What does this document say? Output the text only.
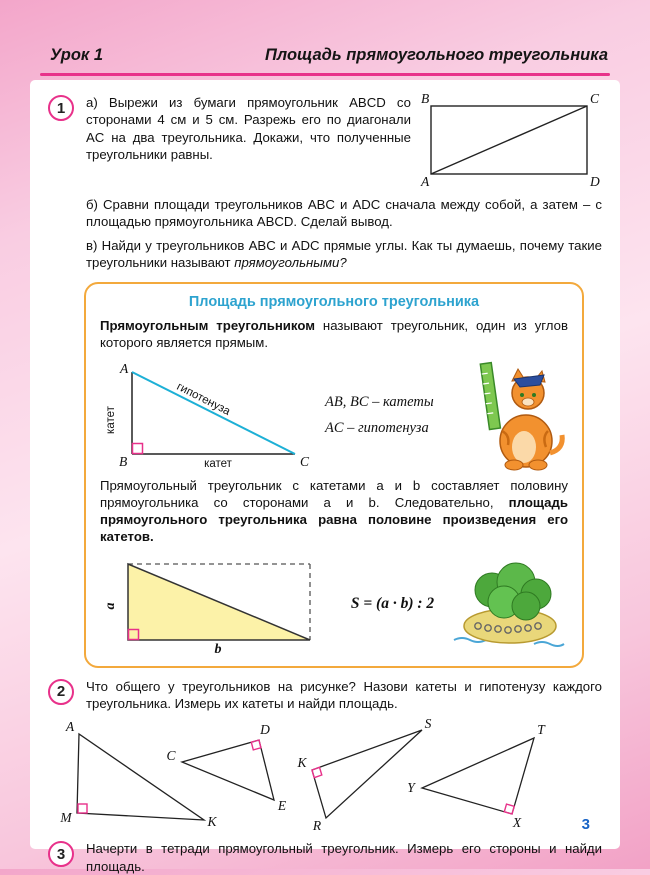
Урок 1	Площадь прямоугольного треугольника
1	а) Вырежи из бумаги прямоугольник ABCD со сторонами 4 см и 5 см. Разрежь его по диагонали AC на два треугольника. Докажи, что полученные треугольники равны.
B	C
A	D

б) Сравни площади треугольников ABC и ADC сначала между собой, а затем – с площадью прямоугольника ABCD. Сделай вывод.

в) Найди у треугольников ABC и ADC прямые углы. Как ты думаешь, почему такие треугольники называют прямоугольными?

Площадь прямоугольного треугольника

Прямоугольным треугольником называют треугольник, один из углов которого является прямым.

A
B	C
катет
гипотенуза
катет
AB, BC – катеты
AC – гипотенуза

Прямоугольный треугольник с катетами a и b составляет половину прямоугольника со сторонами a и b. Следовательно, площадь прямоугольного треугольника равна половине произведения его катетов.

a
b
S = (a · b) : 2
2	Что общего у треугольников на рисунке? Назови катеты и гипотенузу каждого треугольника. Измерь их катеты и найди площадь.
A
M	K
C
D
E
S
K
R
T
Y
X
3	Начерти в тетради прямоугольный треугольник. Измерь его стороны и найди площадь.
3
